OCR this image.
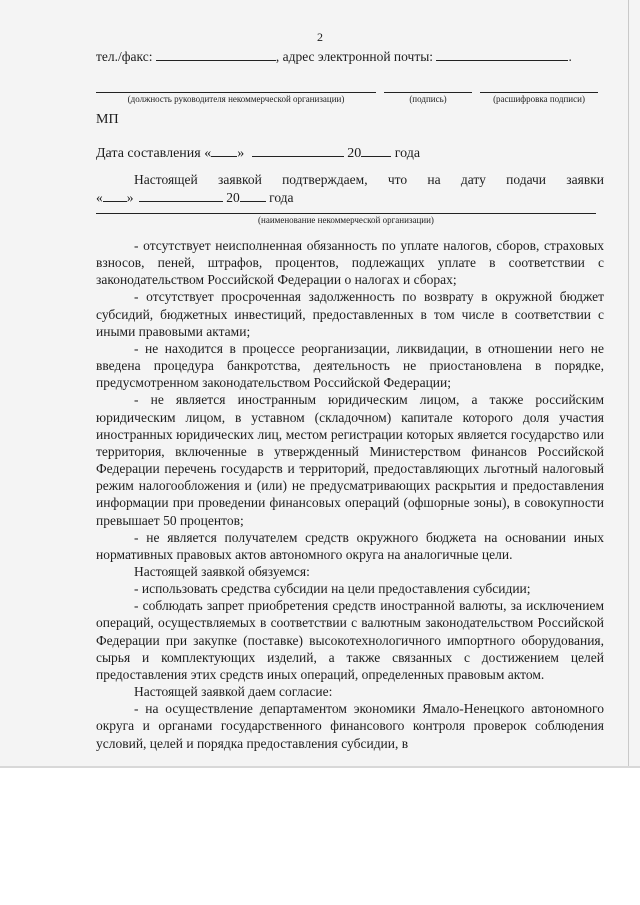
2
тел./факс:	, адрес электронной почты:	.
(должность руководителя некоммерческой организации)	(подпись)	(расшифровка подписи)
МП
Дата составления « »	20 года
Настоящей заявкой подтверждаем, что на дату подачи заявки
« »	20 года
(наименование некоммерческой организации)

- отсутствует неисполненная обязанность по уплате налогов, сборов, страховых взносов, пеней, штрафов, процентов, подлежащих уплате в соответствии с законодательством Российской Федерации о налогах и сборах;

- отсутствует просроченная задолженность по возврату в окружной бюджет субсидий, бюджетных инвестиций, предоставленных в том числе в соответствии с иными правовыми актами;

- не находится в процессе реорганизации, ликвидации, в отношении него не введена процедура банкротства, деятельность не приостановлена в порядке, предусмотренном законодательством Российской Федерации;

- не является иностранным юридическим лицом, а также российским юридическим лицом, в уставном (складочном) капитале которого доля участия иностранных юридических лиц, местом регистрации которых является государство или территория, включенные в утвержденный Министерством финансов Российской Федерации перечень государств и территорий, предоставляющих льготный налоговый режим налогообложения и (или) не предусматривающих раскрытия и предоставления информации при проведении финансовых операций (офшорные зоны), в совокупности превышает 50 процентов;

- не является получателем средств окружного бюджета на основании иных нормативных правовых актов автономного округа на аналогичные цели.

Настоящей заявкой обязуемся:

- использовать средства субсидии на цели предоставления субсидии;

- соблюдать запрет приобретения средств иностранной валюты, за исключением операций, осуществляемых в соответствии с валютным законодательством Российской Федерации при закупке (поставке) высокотехнологичного импортного оборудования, сырья и комплектующих изделий, а также связанных с достижением целей предоставления этих средств иных операций, определенных правовым актом.

Настоящей заявкой даем согласие:

- на осуществление департаментом экономики Ямало-Ненецкого автономного округа и органами государственного финансового контроля проверок соблюдения условий, целей и порядка предоставления субсидии, в
